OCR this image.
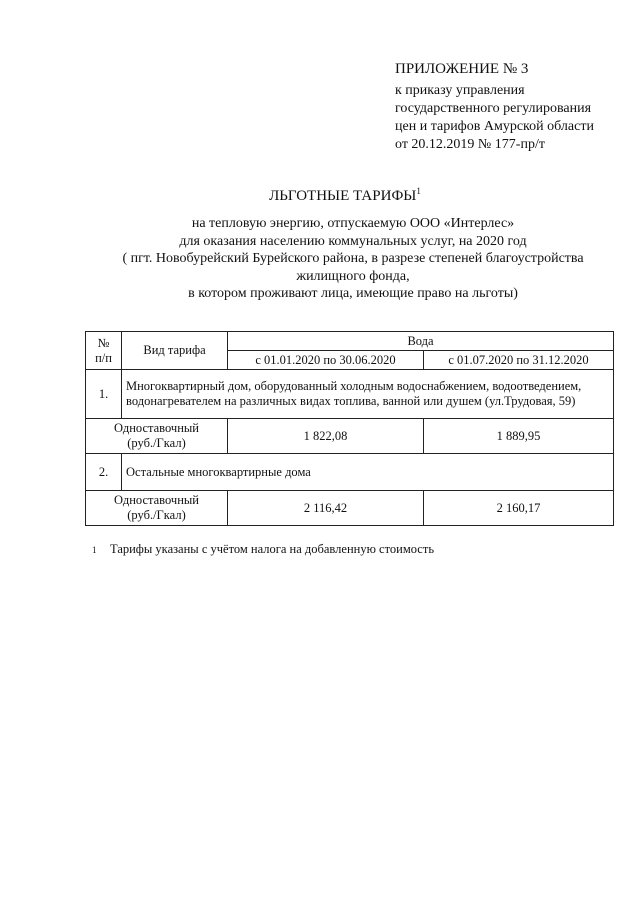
ПРИЛОЖЕНИЕ № 3
к приказу управления
государственного регулирования
цен и тарифов Амурской области
от 20.12.2019 № 177-пр/т
ЛЬГОТНЫЕ ТАРИФЫ$^1$
на тепловую энергию, отпускаемую ООО «Интерлес»
для оказания населению коммунальных услуг, на 2020 год
( пгт. Новобурейский Бурейского района, в разрезе степеней благоустройства
жилищного фонда,
в котором проживают лица, имеющие право на льготы)
№
п/п	Вид тарифа	Вода	
		с 01.01.2020 по 30.06.2020	с 01.07.2020 по 31.12.2020
1.	Многоквартирный дом, оборудованный холодным водоснабжением, водоотведением, водонагревателем на различных видах топлива, ванной или душем (ул.Трудовая, 59)		

Одноставочный
(руб./Гкал)		1 822,08	1 889,95
2.	Остальные многоквартирные дома		

Одноставочный
(руб./Гкал)		2 116,42	2 160,17
1 Тарифы указаны с учётом налога на добавленную стоимость
